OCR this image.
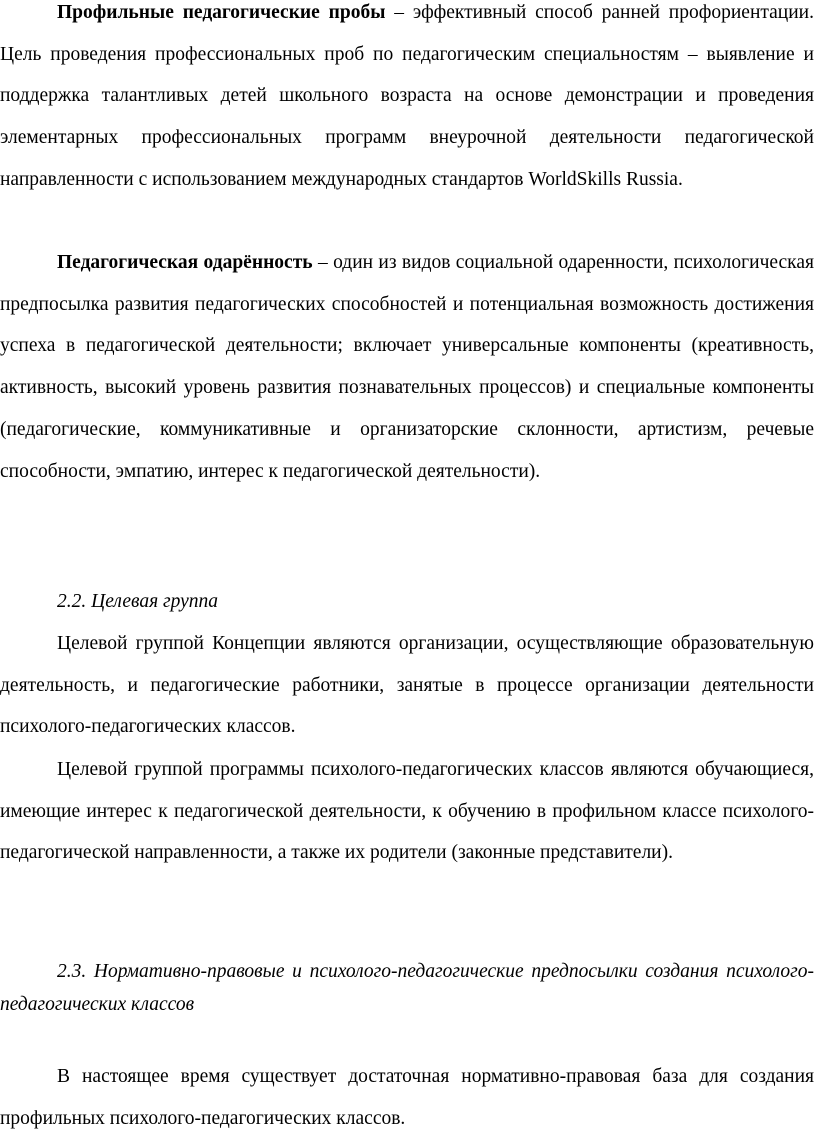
Профильные педагогические пробы – эффективный способ ранней профориентации. Цель проведения профессиональных проб по педагогическим специальностям – выявление и поддержка талантливых детей школьного возраста на основе демонстрации и проведения элементарных профессиональных программ внеурочной деятельности педагогической направленности с использованием международных стандартов WorldSkills Russia.

Педагогическая одарённость – один из видов социальной одаренности, психологическая предпосылка развития педагогических способностей и потенциальная возможность достижения успеха в педагогической деятельности; включает универсальные компоненты (креативность, активность, высокий уровень развития познавательных процессов) и специальные компоненты (педагогические, коммуникативные и организаторские склонности, артистизм, речевые способности, эмпатию, интерес к педагогической деятельности).

2.2. Целевая группа

Целевой группой Концепции являются организации, осуществляющие образовательную деятельность, и педагогические работники, занятые в процессе организации деятельности психолого-педагогических классов.

Целевой группой программы психолого-педагогических классов являются обучающиеся, имеющие интерес к педагогической деятельности, к обучению в профильном классе психолого-педагогической направленности, а также их родители (законные представители).

2.3. Нормативно-правовые и психолого-педагогические предпосылки создания психолого-педагогических классов

В настоящее время существует достаточная нормативно-правовая база для создания профильных психолого-педагогических классов.
